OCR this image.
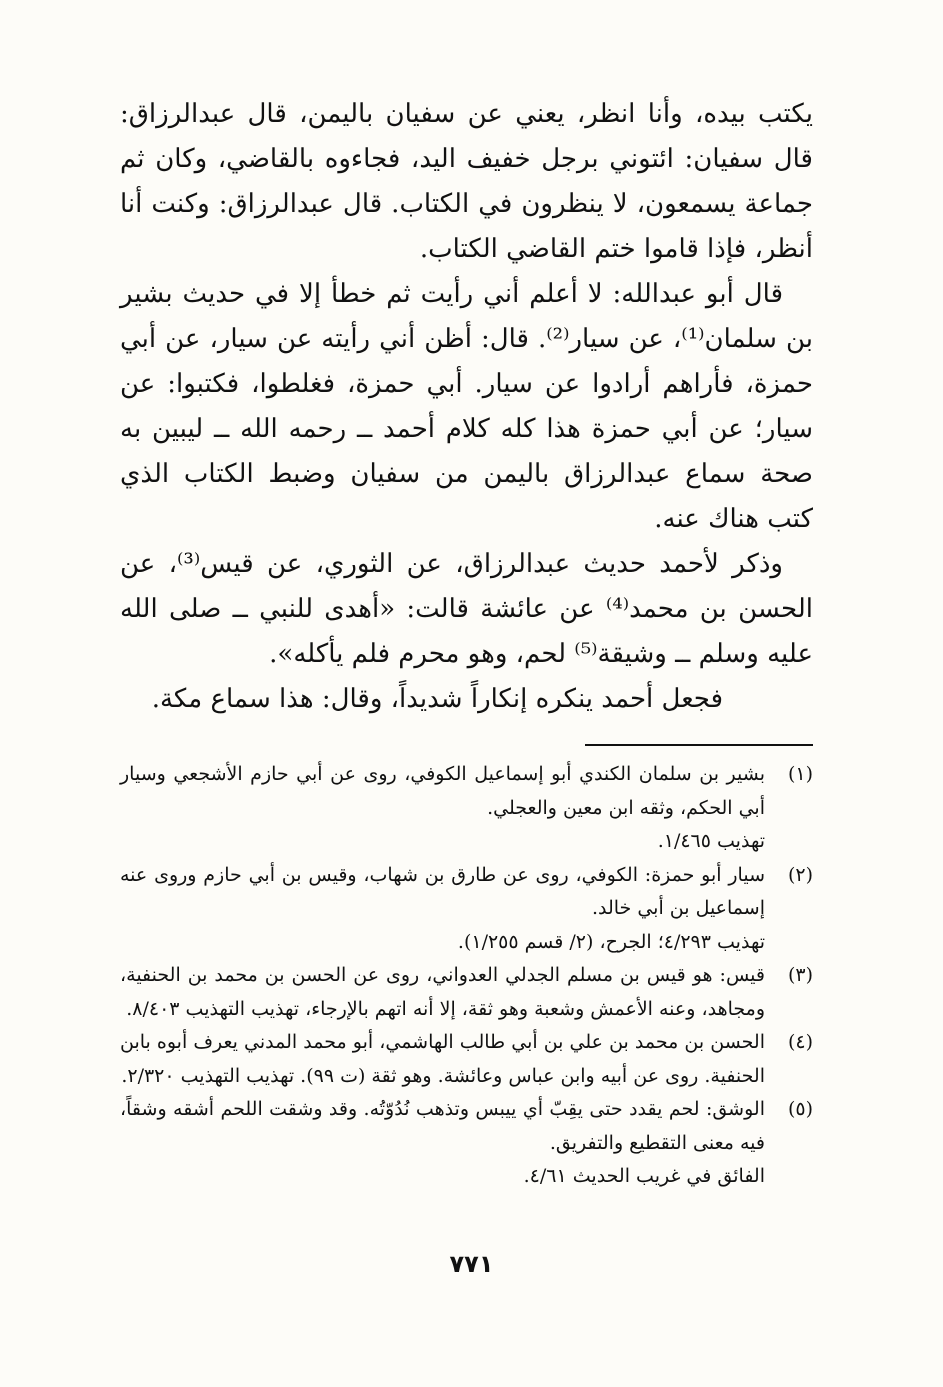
يكتب بيده، وأنا انظر، يعني عن سفيان باليمن، قال عبدالرزاق: قال سفيان: ائتوني برجل خفيف اليد، فجاءوه بالقاضي، وكان ثم جماعة يسمعون، لا ينظرون في الكتاب. قال عبدالرزاق: وكنت أنا أنظر، فإذا قاموا ختم القاضي الكتاب.

قال أبو عبدالله: لا أعلم أني رأيت ثم خطأ إلا في حديث بشير بن سلمان⁽¹⁾، عن سيار⁽²⁾. قال: أظن أني رأيته عن سيار، عن أبي حمزة، فأراهم أرادوا عن سيار. أبي حمزة، فغلطوا، فكتبوا: عن سيار؛ عن أبي حمزة هذا كله كلام أحمد ــ رحمه الله ــ ليبين به صحة سماع عبدالرزاق باليمن من سفيان وضبط الكتاب الذي كتب هناك عنه.

وذكر لأحمد حديث عبدالرزاق، عن الثوري، عن قيس⁽³⁾، عن الحسن بن محمد⁽⁴⁾ عن عائشة قالت: «أهدى للنبي ــ صلى الله عليه وسلم ــ وشيقة⁽⁵⁾ لحم، وهو محرم فلم يأكله».

فجعل أحمد ينكره إنكاراً شديداً، وقال: هذا سماع مكة.

(١)
بشير بن سلمان الكندي أبو إسماعيل الكوفي، روى عن أبي حازم الأشجعي وسيار أبي الحكم، وثقه ابن معين والعجلي.
تهذيب ١/٤٦٥.
(٢)
سيار أبو حمزة: الكوفي، روى عن طارق بن شهاب، وقيس بن أبي حازم وروى عنه إسماعيل بن أبي خالد.
تهذيب ٤/٢٩٣؛ الجرح، (٢/ قسم ١/٢٥٥).
(٣)
قيس: هو قيس بن مسلم الجدلي العدواني، روى عن الحسن بن محمد بن الحنفية، ومجاهد، وعنه الأعمش وشعبة وهو ثقة، إلا أنه اتهم بالإرجاء، تهذيب التهذيب ٨/٤٠٣.
(٤)
الحسن بن محمد بن علي بن أبي طالب الهاشمي، أبو محمد المدني يعرف أبوه بابن الحنفية. روى عن أبيه وابن عباس وعائشة. وهو ثقة (ت ٩٩). تهذيب التهذيب ٢/٣٢٠.
(٥)
الوشق: لحم يقدد حتى يقِبّ أي ييبس وتذهب نُدُوّتُه. وقد وشقت اللحم أشقه وشقاً، فيه معنى التقطيع والتفريق.
الفائق في غريب الحديث ٤/٦١.
٧٧١
